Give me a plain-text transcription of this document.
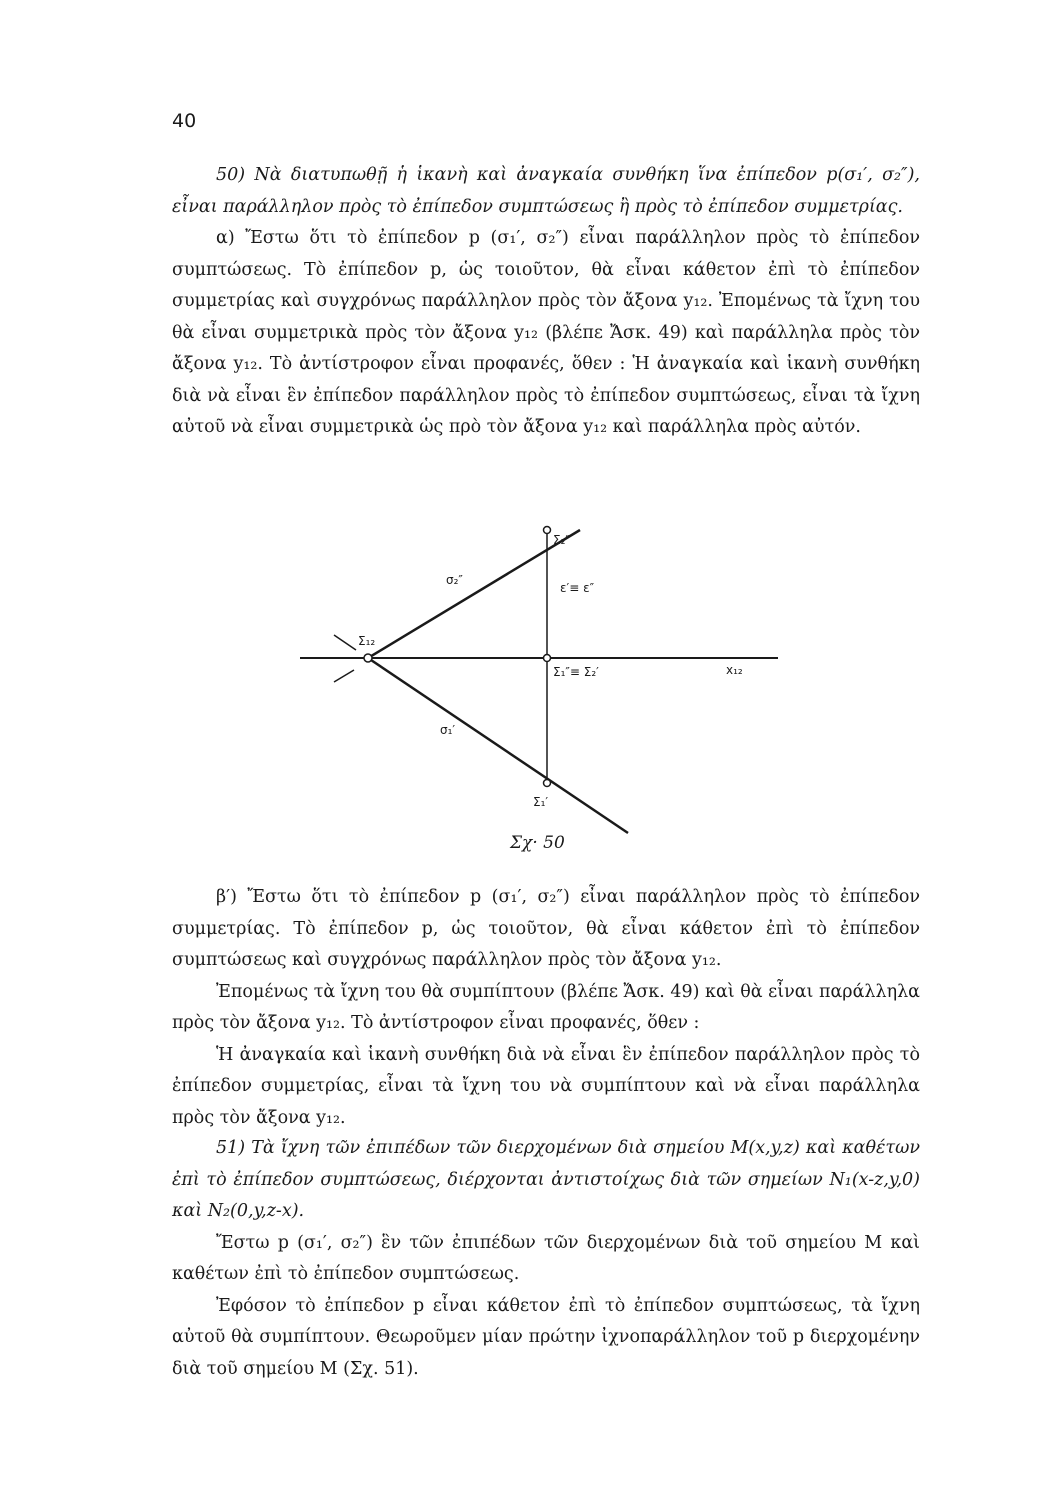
40

50) Νὰ διατυπωθῇ ἡ ἱκανὴ καὶ ἀναγκαία συνθήκη ἵνα ἐπίπεδον p(σ₁′, σ₂″), εἶναι παράλληλον πρὸς τὸ ἐπίπεδον συμπτώσεως ἢ πρὸς τὸ ἐπίπεδον συμμετρίας.

α) Ἔστω ὅτι τὸ ἐπίπεδον p (σ₁′, σ₂″) εἶναι παράλληλον πρὸς τὸ ἐπίπεδον συμπτώσεως. Τὸ ἐπίπεδον p, ὡς τοιοῦτον, θὰ εἶναι κάθετον ἐπὶ τὸ ἐπίπεδον συμμετρίας καὶ συγχρόνως παράλληλον πρὸς τὸν ἄξονα y₁₂. Ἐπομένως τὰ ἴχνη του θὰ εἶναι συμμετρικὰ πρὸς τὸν ἄξονα y₁₂ (βλέπε Ἄσκ. 49) καὶ παράλληλα πρὸς τὸν ἄξονα y₁₂. Τὸ ἀντίστροφον εἶναι προφανές, ὅθεν : Ἡ ἀναγκαία καὶ ἱκανὴ συνθήκη διὰ νὰ εἶναι ἓν ἐπίπεδον παράλληλον πρὸς τὸ ἐπίπεδον συμπτώσεως, εἶναι τὰ ἴχνη αὐτοῦ νὰ εἶναι συμμετρικὰ ὡς πρὸ τὸν ἄξονα y₁₂ καὶ παράλληλα πρὸς αὐτόν.

Σ₂″
ε′≡ ε″
σ₂″
Σ₁₂
Σ₁″≡ Σ₂′	x₁₂
σ₁′
Σ₁′
Σχ· 50

β′) Ἔστω ὅτι τὸ ἐπίπεδον p (σ₁′, σ₂″) εἶναι παράλληλον πρὸς τὸ ἐπίπεδον συμμετρίας. Τὸ ἐπίπεδον p, ὡς τοιοῦτον, θὰ εἶναι κάθετον ἐπὶ τὸ ἐπίπεδον συμπτώσεως καὶ συγχρόνως παράλληλον πρὸς τὸν ἄξονα y₁₂.

Ἐπομένως τὰ ἴχνη του θὰ συμπίπτουν (βλέπε Ἄσκ. 49) καὶ θὰ εἶναι παράλληλα πρὸς τὸν ἄξονα y₁₂. Τὸ ἀντίστροφον εἶναι προφανές, ὅθεν :

Ἡ ἀναγκαία καὶ ἱκανὴ συνθήκη διὰ νὰ εἶναι ἓν ἐπίπεδον παράλληλον πρὸς τὸ ἐπίπεδον συμμετρίας, εἶναι τὰ ἴχνη του νὰ συμπίπτουν καὶ νὰ εἶναι παράλληλα πρὸς τὸν ἄξονα y₁₂.

51) Τὰ ἴχνη τῶν ἐπιπέδων τῶν διερχομένων διὰ σημείου M(x,y,z) καὶ καθέτων ἐπὶ τὸ ἐπίπεδον συμπτώσεως, διέρχονται ἀντιστοίχως διὰ τῶν σημείων N₁(x-z,y,0) καὶ N₂(0,y,z-x).

Ἔστω p (σ₁′, σ₂″) ἓν τῶν ἐπιπέδων τῶν διερχομένων διὰ τοῦ σημείου M καὶ καθέτων ἐπὶ τὸ ἐπίπεδον συμπτώσεως.

Ἐφόσον τὸ ἐπίπεδον p εἶναι κάθετον ἐπὶ τὸ ἐπίπεδον συμπτώσεως, τὰ ἴχνη αὐτοῦ θὰ συμπίπτουν. Θεωροῦμεν μίαν πρώτην ἰχνοπαράλληλον τοῦ p διερχομένην διὰ τοῦ σημείου M (Σχ. 51).
